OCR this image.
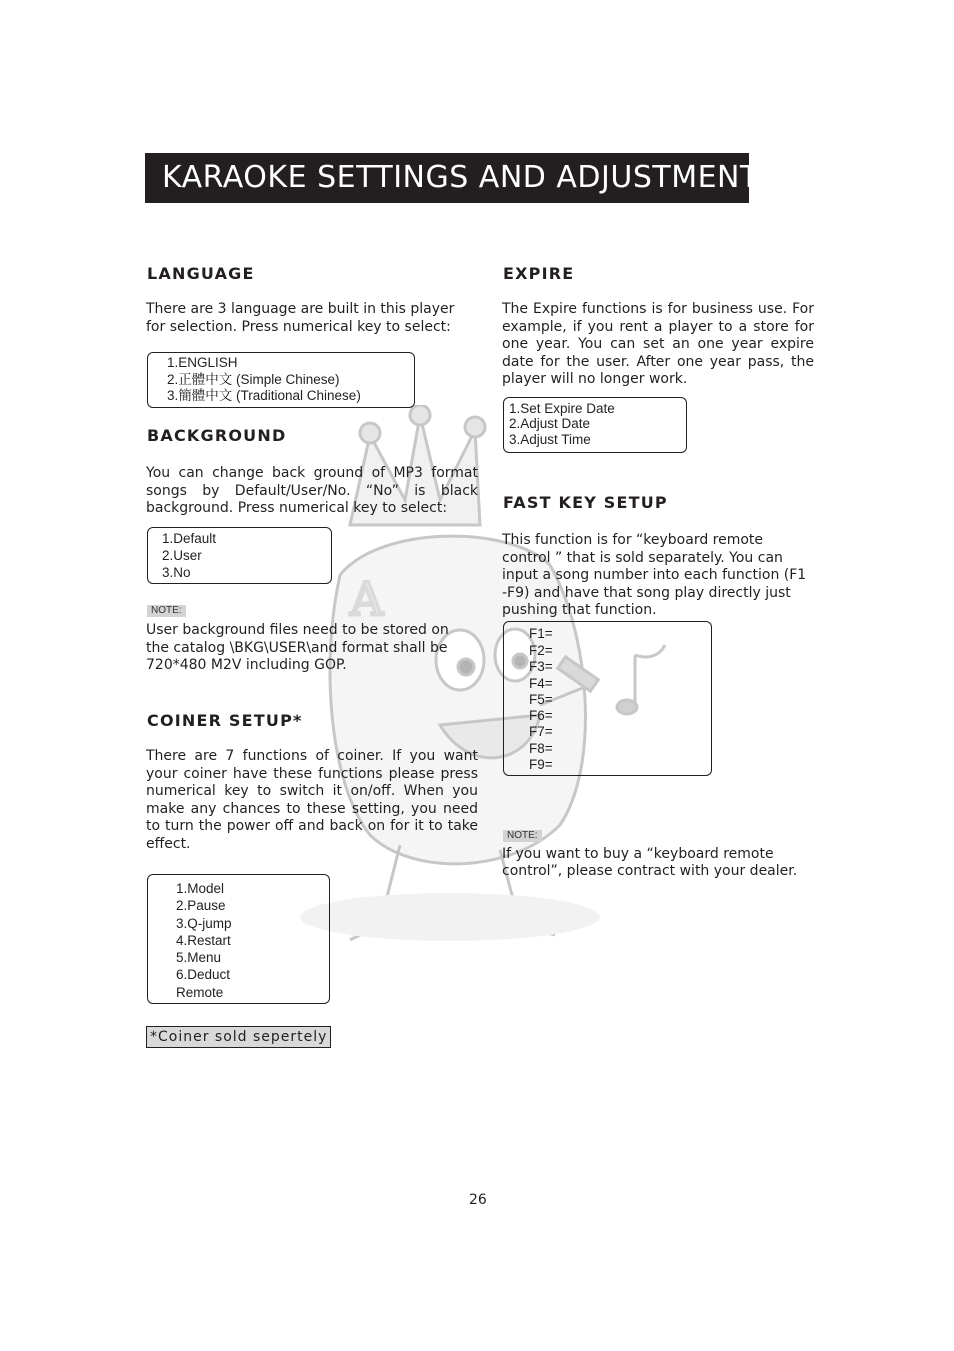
A
KARAOKE SETTINGS AND ADJUSTMENTS
LANGUAGE
There are 3 language are built in this player for selection. Press numerical key to select:
1.ENGLISH
2.正體中文 (Simple Chinese)
3.簡體中文 (Traditional Chinese)
BACKGROUND
You can change back ground of MP3 format songs by Default/User/No. “No” is black background. Press numerical key to select:
1.Default
2.User
3.No
NOTE:
User background files need to be stored on the catalog \BKG\USER\and format shall be 720*480 M2V including GOP.
COINER SETUP*
There are 7 functions of coiner. If you want your coiner have these functions please press numerical key to switch it on/off. When you make any chances to these setting, you need to turn the power off and back on for it to take effect.
1.Model
2.Pause
3.Q-jump
4.Restart
5.Menu
6.Deduct
Remote
*Coiner sold sepertely
EXPIRE
The Expire functions is for business use. For example, if you rent a player to a store for one year. You can set an one year expire date for the user. After one year pass, the player will no longer work.
1.Set Expire Date
2.Adjust Date
3.Adjust Time
FAST KEY SETUP
This function is for “keyboard remote
control ” that is sold separately. You can
input a song number into each function (F1
-F9) and have that song play directly just
pushing that function.
F1=
F2=
F3=
F4=
F5=
F6=
F7=
F8=
F9=
NOTE:
If you want to buy a “keyboard remote
control”, please contract with your dealer.
26
